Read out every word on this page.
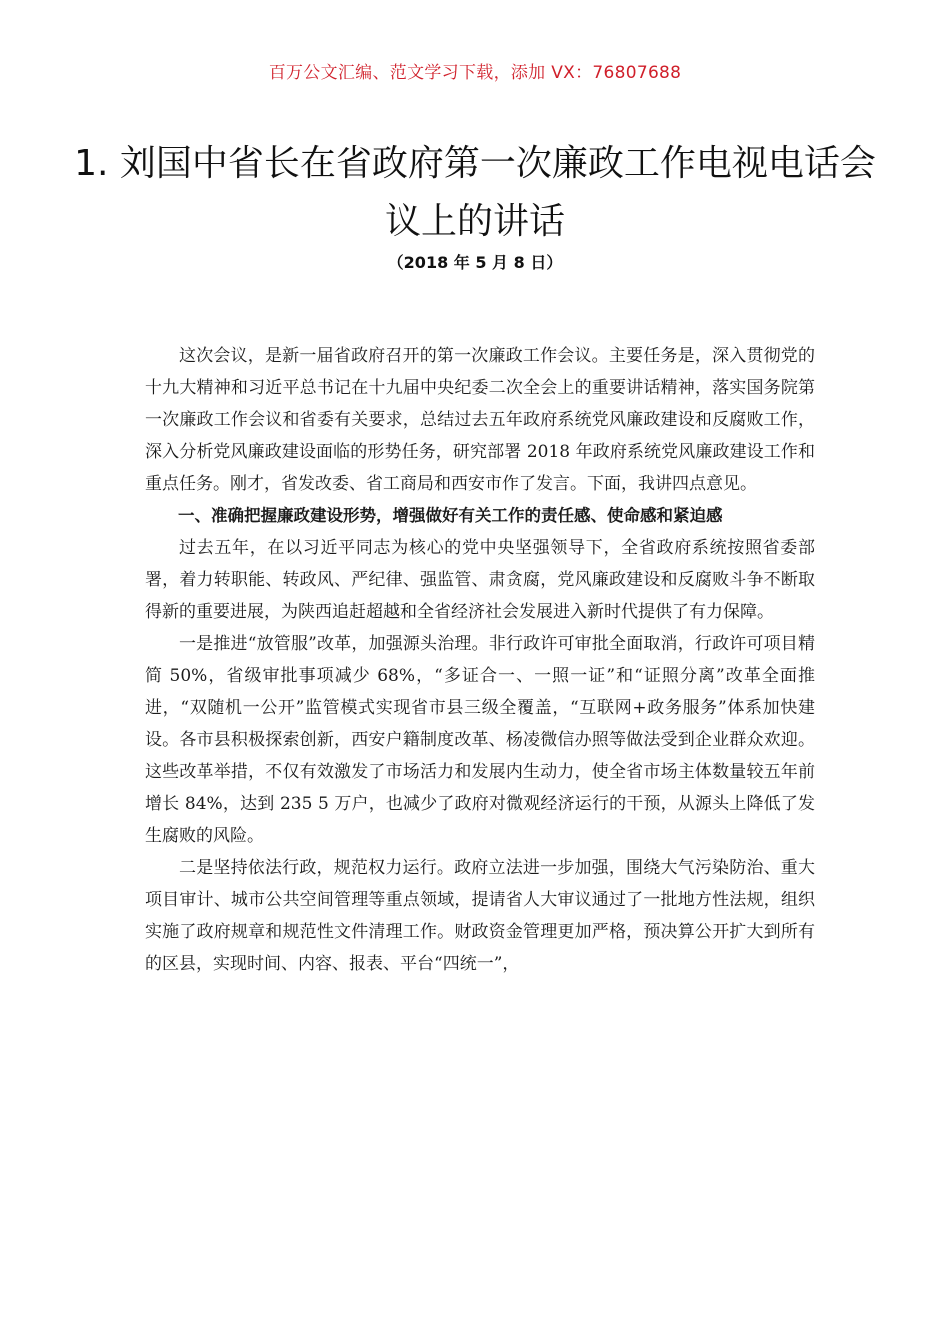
百万公文汇编、范文学习下载，添加 VX：76807688
1. 刘国中省长在省政府第一次廉政工作电视电话会议上的讲话
（2018 年 5 月 8 日）

这次会议，是新一届省政府召开的第一次廉政工作会议。主要任务是，深入贯彻党的十九大精神和习近平总书记在十九届中央纪委二次全会上的重要讲话精神，落实国务院第一次廉政工作会议和省委有关要求，总结过去五年政府系统党风廉政建设和反腐败工作，深入分析党风廉政建设面临的形势任务，研究部署 2018 年政府系统党风廉政建设工作和重点任务。刚才，省发改委、省工商局和西安市作了发言。下面，我讲四点意见。

一、准确把握廉政建设形势，增强做好有关工作的责任感、使命感和紧迫感

过去五年，在以习近平同志为核心的党中央坚强领导下，全省政府系统按照省委部署，着力转职能、转政风、严纪律、强监管、肃贪腐，党风廉政建设和反腐败斗争不断取得新的重要进展，为陕西追赶超越和全省经济社会发展进入新时代提供了有力保障。

一是推进“放管服”改革，加强源头治理。非行政许可审批全面取消，行政许可项目精简 50%，省级审批事项减少 68%，“多证合一、一照一证”和“证照分离”改革全面推进，“双随机一公开”监管模式实现省市县三级全覆盖，“互联网+政务服务”体系加快建设。各市县积极探索创新，西安户籍制度改革、杨凌微信办照等做法受到企业群众欢迎。这些改革举措，不仅有效激发了市场活力和发展内生动力，使全省市场主体数量较五年前增长 84%，达到 235 5 万户，也减少了政府对微观经济运行的干预，从源头上降低了发生腐败的风险。

二是坚持依法行政，规范权力运行。政府立法进一步加强，围绕大气污染防治、重大项目审计、城市公共空间管理等重点领域，提请省人大审议通过了一批地方性法规，组织实施了政府规章和规范性文件清理工作。财政资金管理更加严格，预决算公开扩大到所有的区县，实现时间、内容、报表、平台“四统一”，
